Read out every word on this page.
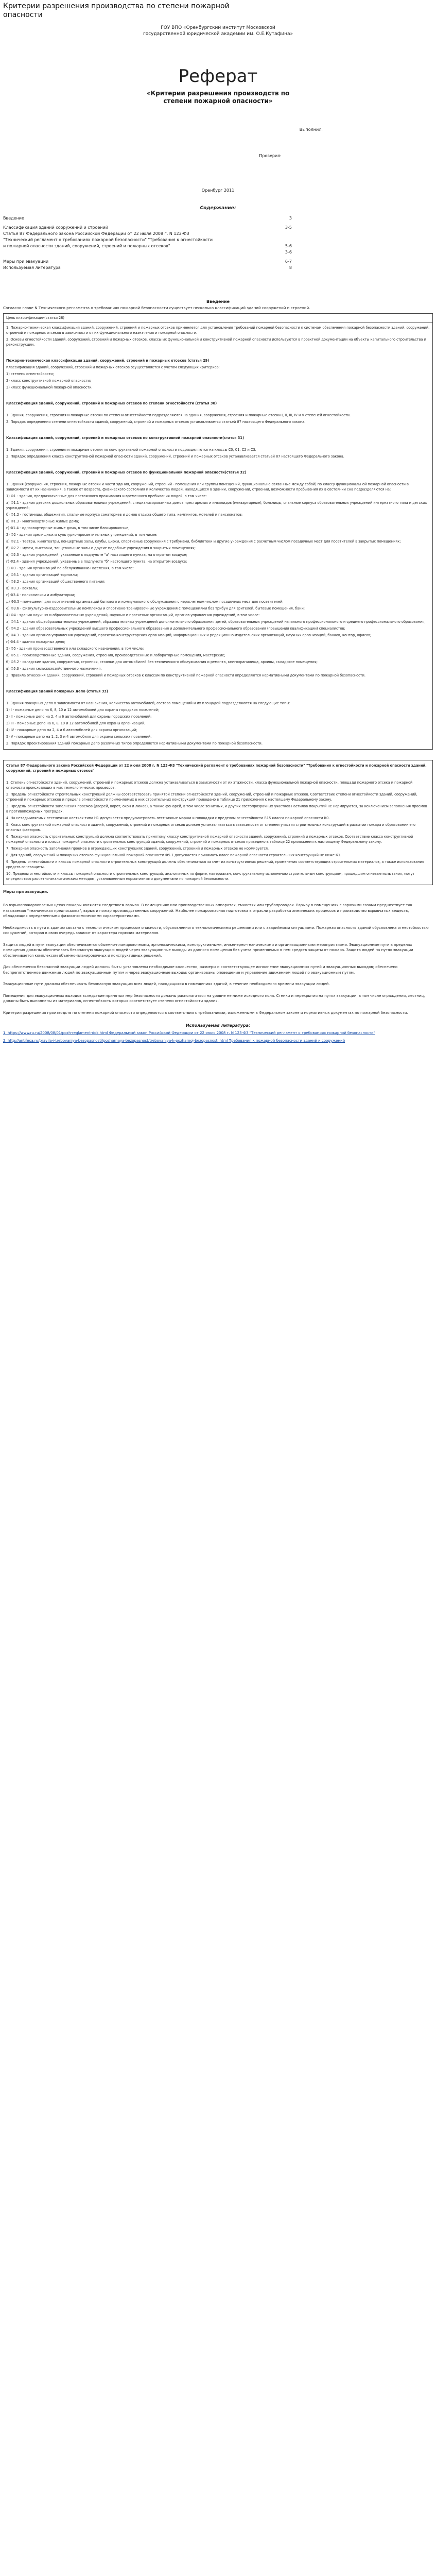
Критерии разрешения производства по степени пожарной опасности
ГОУ ВПО «Оренбургский институт Московской
государственной юридической академии им. О.Е.Кутафина»
Реферат
«Критерии разрешения производств по
степени пожарной опасности»
Выполнил:
Проверил:
Оренбург 2011
Содержание:
Введение	3
Классификация зданий сооружений и строений	3-5
Статья 87 Федерального закона Российской Федерации от 22 июля 2008 г. N 123-ФЗ
"Технический регламент о требованиях пожарной безопасности" "Требования к огнестойкости
и пожарной опасности зданий, сооружений, строений и пожарных отсеков"	5-6
3-6
Меры при эвакуации	6-7
Используемая литература	8
Введение
Согласно главе N Технического регламента о требованиях пожарной безопасности существует несколько классификаций зданий сооружений и строений.

Цель классификации(статья 28)

1. Пожарно-техническая классификация зданий, сооружений, строений и пожарных отсеков применяется для установления требований пожарной безопасности к системам обеспечения пожарной безопасности зданий, сооружений, строений и пожарных отсеков в зависимости от их функционального назначения и пожарной опасности.

2. Основы огнестойкости зданий, сооружений, строений и пожарных отсеков, классы их функциональной и конструктивной пожарной опасности используются в проектной документации на объекты капитального строительства и реконструкции.

Пожарно-техническая классификация зданий, сооружений, строений и пожарных отсеков (статья 29)

Классификация зданий, сооружений, строений и пожарных отсеков осуществляется с учетом следующих критериев:

1) степень огнестойкости;

2) класс конструктивной пожарной опасности;

3) класс функциональной пожарной опасности.

Классификация зданий, сооружений, строений и пожарных отсеков по степени огнестойкости (статья 30)

1. Здания, сооружения, строения и пожарные отсеки по степени огнестойкости подразделяются на здания, сооружения, строения и пожарные отсеки I, II, III, IV и V степеней огнестойкости.

2. Порядок определения степени огнестойкости зданий, сооружений, строений и пожарных отсеков устанавливается статьей 87 настоящего Федерального закона.

Классификация зданий, сооружений, строений и пожарных отсеков по конструктивной пожарной опасности(статья 31)

1. Здания, сооружения, строения и пожарные отсеки по конструктивной пожарной опасности подразделяются на классы С0, С1, С2 и С3.

2. Порядок определения класса конструктивной пожарной опасности зданий, сооружений, строений и пожарных отсеков устанавливается статьей 87 настоящего Федерального закона.

Классификация зданий, сооружений, строений и пожарных отсеков по функциональной пожарной опасности(статья 32)

1. Здания (сооружения, строения, пожарные отсеки и части здания, сооружений, строений - помещения или группы помещений, функционально связанные между собой) по классу функциональной пожарной опасности в зависимости от их назначения, а также от возраста, физического состояния и количества людей, находящихся в здании, сооружении, строении, возможности пребывания их в состоянии сна подразделяются на:

1) Ф1 - здания, предназначенные для постоянного проживания и временного пребывания людей, в том числе:

а) Ф1.1 - здания детских дошкольных образовательных учреждений, специализированных домов престарелых и инвалидов (неквартирные), больницы, спальные корпуса образовательных учреждений интернатного типа и детских учреждений;

б) Ф1.2 - гостиницы, общежития, спальные корпуса санаториев и домов отдыха общего типа, кемпингов, мотелей и пансионатов;

в) Ф1.3 - многоквартирные жилые дома;

г) Ф1.4 - одноквартирные жилые дома, в том числе блокированные;

2) Ф2 - здания зрелищных и культурно-просветительных учреждений, в том числе:

а) Ф2.1 - театры, кинотеатры, концертные залы, клубы, цирки, спортивные сооружения с трибунами, библиотеки и другие учреждения с расчетным числом посадочных мест для посетителей в закрытых помещениях;

б) Ф2.2 - музеи, выставки, танцевальные залы и другие подобные учреждения в закрытых помещениях;

в) Ф2.3 - здания учреждений, указанные в подпункте "а" настоящего пункта, на открытом воздухе;

г) Ф2.4 - здания учреждений, указанные в подпункте "б" настоящего пункта, на открытом воздухе;

3) Ф3 - здания организаций по обслуживанию населения, в том числе:

а) Ф3.1 - здания организаций торговли;

б) Ф3.2 - здания организаций общественного питания;

в) Ф3.3 - вокзалы;

г) Ф3.4 - поликлиники и амбулатории;

д) Ф3.5 - помещения для посетителей организаций бытового и коммунального обслуживания с нерасчетным числом посадочных мест для посетителей;

е) Ф3.6 - физкультурно-оздоровительные комплексы и спортивно-тренировочные учреждения с помещениями без трибун для зрителей, бытовые помещения, бани;

4) Ф4 - здания научных и образовательных учреждений, научных и проектных организаций, органов управления учреждений, в том числе:

а) Ф4.1 - здания общеобразовательных учреждений, образовательных учреждений дополнительного образования детей, образовательных учреждений начального профессионального и среднего профессионального образования;

б) Ф4.2 - здания образовательных учреждений высшего профессионального образования и дополнительного профессионального образования (повышения квалификации) специалистов;

в) Ф4.3 - здания органов управления учреждений, проектно-конструкторских организаций, информационных и редакционно-издательских организаций, научных организаций, банков, контор, офисов;

г) Ф4.4 - здания пожарных депо;

5) Ф5 - здания производственного или складского назначения, в том числе:

а) Ф5.1 - производственные здания, сооружения, строения, производственные и лабораторные помещения, мастерские;

б) Ф5.2 - складские здания, сооружения, строения, стоянки для автомобилей без технического обслуживания и ремонта, книгохранилища, архивы, складские помещения;

в) Ф5.3 - здания сельскохозяйственного назначения.

2. Правила отнесения зданий, сооружений, строений и пожарных отсеков к классам по конструктивной пожарной опасности определяются нормативными документами по пожарной безопасности.

Классификация зданий пожарных депо (статья 33)

1. Здания пожарных депо в зависимости от назначения, количества автомобилей, состава помещений и их площадей подразделяются на следующие типы:

1) I - пожарные депо на 6, 8, 10 и 12 автомобилей для охраны городских поселений;

2) II - пожарные депо на 2, 4 и 6 автомобилей для охраны городских поселений;

3) III - пожарные депо на 6, 8, 10 и 12 автомобилей для охраны организаций;

4) IV - пожарные депо на 2, 4 и 6 автомобилей для охраны организаций;

5) V - пожарные депо на 1, 2, 3 и 4 автомобиля для охраны сельских поселений.

2. Порядок проектирования зданий пожарных депо различных типов определяется нормативными документами по пожарной безопасности.

Статья 87 Федерального закона Российской Федерации от 22 июля 2008 г. N 123-ФЗ "Технический регламент о требованиях пожарной безопасности" "Требования к огнестойкости и пожарной опасности зданий, сооружений, строений и пожарных отсеков"

1. Степень огнестойкости зданий, сооружений, строений и пожарных отсеков должна устанавливаться в зависимости от их этажности, класса функциональной пожарной опасности, площади пожарного отсека и пожарной опасности происходящих в них технологических процессов.

2. Пределы огнестойкости строительных конструкций должны соответствовать принятой степени огнестойкости зданий, сооружений, строений и пожарных отсеков. Соответствие степени огнестойкости зданий, сооружений, строений и пожарных отсеков и предела огнестойкости применяемых в них строительных конструкций приведено в таблице 21 приложения к настоящему Федеральному закону.

3. Пределы огнестойкости заполнения проемов (дверей, ворот, окон и люков), а также фонарей, в том числе зенитных, и других светопрозрачных участков настилов покрытий не нормируются, за исключением заполнения проемов в противопожарных преградах.

4. На незадымляемых лестничных клетках типа Н1 допускается предусматривать лестничные марши и площадки с пределом огнестойкости R15 класса пожарной опасности К0.

5. Класс конструктивной пожарной опасности зданий, сооружений, строений и пожарных отсеков должен устанавливаться в зависимости от степени участия строительных конструкций в развитии пожара и образовании его опасных факторов.

6. Пожарная опасность строительных конструкций должна соответствовать принятому классу конструктивной пожарной опасности зданий, сооружений, строений и пожарных отсеков. Соответствие класса конструктивной пожарной опасности и класса пожарной опасности строительных конструкций зданий, сооружений, строений и пожарных отсеков приведено в таблице 22 приложения к настоящему Федеральному закону.

7. Пожарная опасность заполнения проемов в ограждающих конструкциях зданий, сооружений, строений и пожарных отсеков не нормируется.

8. Для зданий, сооружений и пожарных отсеков функциональной пожарной опасности Ф5.1 допускается принимать класс пожарной опасности строительных конструкций не ниже К1.

9. Пределы огнестойкости и классы пожарной опасности строительных конструкций должны обеспечиваться за счет их конструктивных решений, применения соответствующих строительных материалов, а также использования средств огнезащиты.

10. Пределы огнестойкости и классы пожарной опасности строительных конструкций, аналогичных по форме, материалам, конструктивному исполнению строительным конструкциям, прошедшим огневые испытания, могут определяться расчетно-аналитическим методом, установленным нормативными документами по пожарной безопасности.

Меры при эвакуации.

Во взрывопожароопасных цехах пожары являются следствием взрыва. В помещениях или производственных аппаратах, емкостях или трубопроводах. Взрыву в помещениях с горючими газами предшествует так называемая "техническая предпосылка", взрыв и пожар производственных сооружений. Наиболее пожароопасная подготовка в отрасли разработка химических процессов и производство взрывчатых веществ, обладающих определенными физико-химическими характеристиками.

Необходимость в пути к зданию связано с технологическим процессом опасности, обусловленного технологическими решениями или с аварийными ситуациями. Пожарная опасность зданий обусловлена огнестойкостью сооружений, которая в свою очередь зависит от характера горючих материалов.

Защита людей в пути эвакуации обеспечивается объемно-планировочными, эргономическими, конструктивными, инженерно-техническими и организационными мероприятиями. Эвакуационные пути в пределах помещения должны обеспечивать безопасную эвакуацию людей через эвакуационные выходы из данного помещения без учета применяемых в нем средств защиты от пожара. Защита людей на путях эвакуации обеспечивается комплексом объемно-планировочных и конструктивных решений.

Для обеспечения безопасной эвакуации людей должны быть: установлены необходимое количество, размеры и соответствующее исполнение эвакуационных путей и эвакуационных выходов; обеспечено беспрепятственное движение людей по эвакуационным путям и через эвакуационные выходы; организованы оповещение и управление движением людей по эвакуационным путям.

Эвакуационные пути должны обеспечивать безопасную эвакуацию всех людей, находящихся в помещениях зданий, в течение необходимого времени эвакуации людей.

Помещения для эвакуационных выходов вследствие принятых мер безопасности должны располагаться на уровне не ниже исходного пола. Стенки и перекрытия на путях эвакуации, в том числе ограждения, лестниц, должны быть выполнены из материалов, огнестойкость которых соответствует степени огнестойкости здания.

Критерии разрешения производств по степени пожарной опасности определяются в соответствии с требованиями, изложенными в Федеральном законе и нормативных документах по пожарной безопасности.

Используемая литература:

1. https://www.ru.ru/2008/08/01/pozh-reglament-dok.html Федеральный закон Российской Федерации от 22 июля 2008 г. N 123-ФЗ "Технический регламент о требованиях пожарной безопасности"

2. http://antifeca.ru/pravila-i-trebovaniya-bezopasnosti/pozharnaya-bezopasnost/trebovaniya-k-pozharnoj-bezopasnosti.html Требования к пожарной безопасности зданий и сооружений
